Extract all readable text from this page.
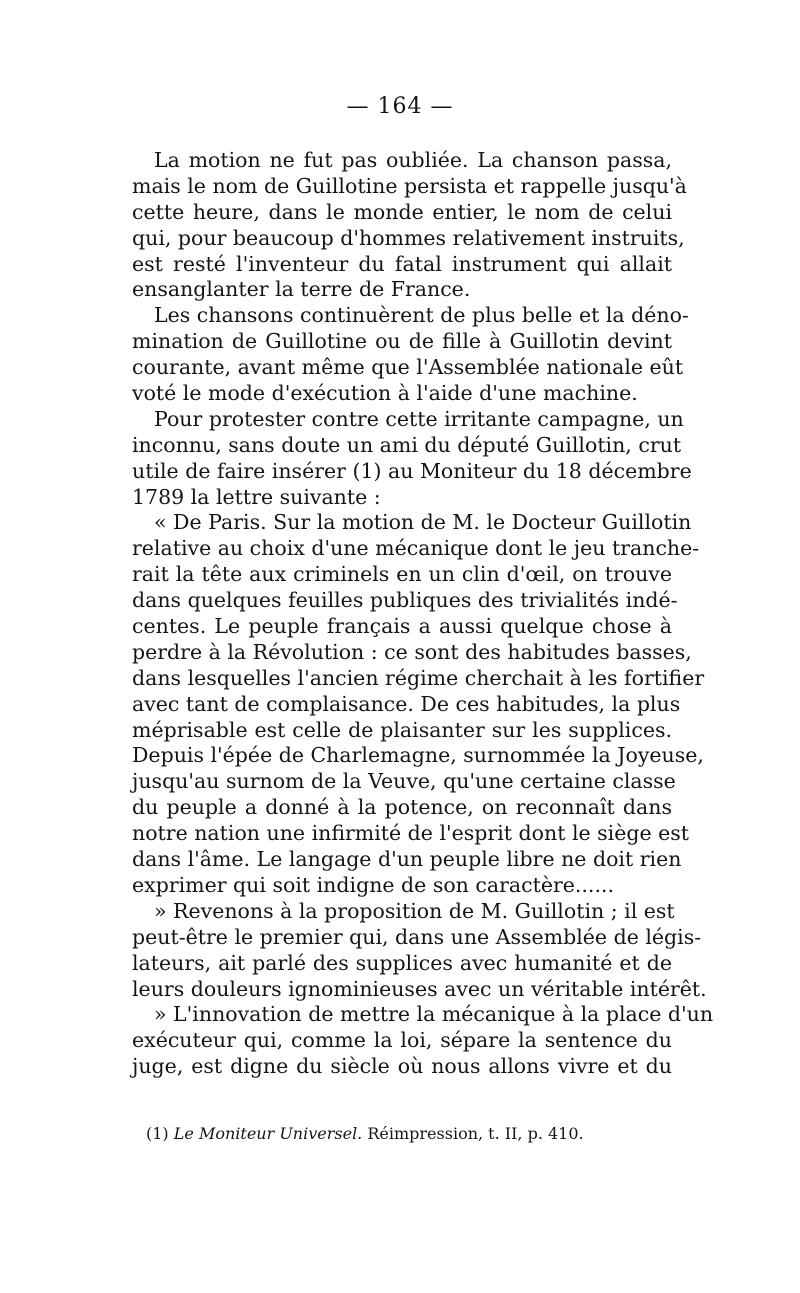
— 164 —
La motion ne fut pas oubliée. La chanson passa,
mais le nom de Guillotine persista et rappelle jusqu'à
cette heure, dans le monde entier, le nom de celui
qui, pour beaucoup d'hommes relativement instruits,
est resté l'inventeur du fatal instrument qui allait
ensanglanter la terre de France.
Les chansons continuèrent de plus belle et la déno-
mination de Guillotine ou de fille à Guillotin devint
courante, avant même que l'Assemblée nationale eût
voté le mode d'exécution à l'aide d'une machine.
Pour protester contre cette irritante campagne, un
inconnu, sans doute un ami du député Guillotin, crut
utile de faire insérer (1) au Moniteur du 18 décembre
1789 la lettre suivante :
« De Paris. Sur la motion de M. le Docteur Guillotin
relative au choix d'une mécanique dont le jeu tranche-
rait la tête aux criminels en un clin d'œil, on trouve
dans quelques feuilles publiques des trivialités indé-
centes. Le peuple français a aussi quelque chose à
perdre à la Révolution : ce sont des habitudes basses,
dans lesquelles l'ancien régime cherchait à les fortifier
avec tant de complaisance. De ces habitudes, la plus
méprisable est celle de plaisanter sur les supplices.
Depuis l'épée de Charlemagne, surnommée la Joyeuse,
jusqu'au surnom de la Veuve, qu'une certaine classe
du peuple a donné à la potence, on reconnaît dans
notre nation une infirmité de l'esprit dont le siège est
dans l'âme. Le langage d'un peuple libre ne doit rien
exprimer qui soit indigne de son caractère......
» Revenons à la proposition de M. Guillotin ; il est
peut-être le premier qui, dans une Assemblée de légis-
lateurs, ait parlé des supplices avec humanité et de
leurs douleurs ignominieuses avec un véritable intérêt.
» L'innovation de mettre la mécanique à la place d'un
exécuteur qui, comme la loi, sépare la sentence du
juge, est digne du siècle où nous allons vivre et du
(1) Le Moniteur Universel. Réimpression, t. II, p. 410.
